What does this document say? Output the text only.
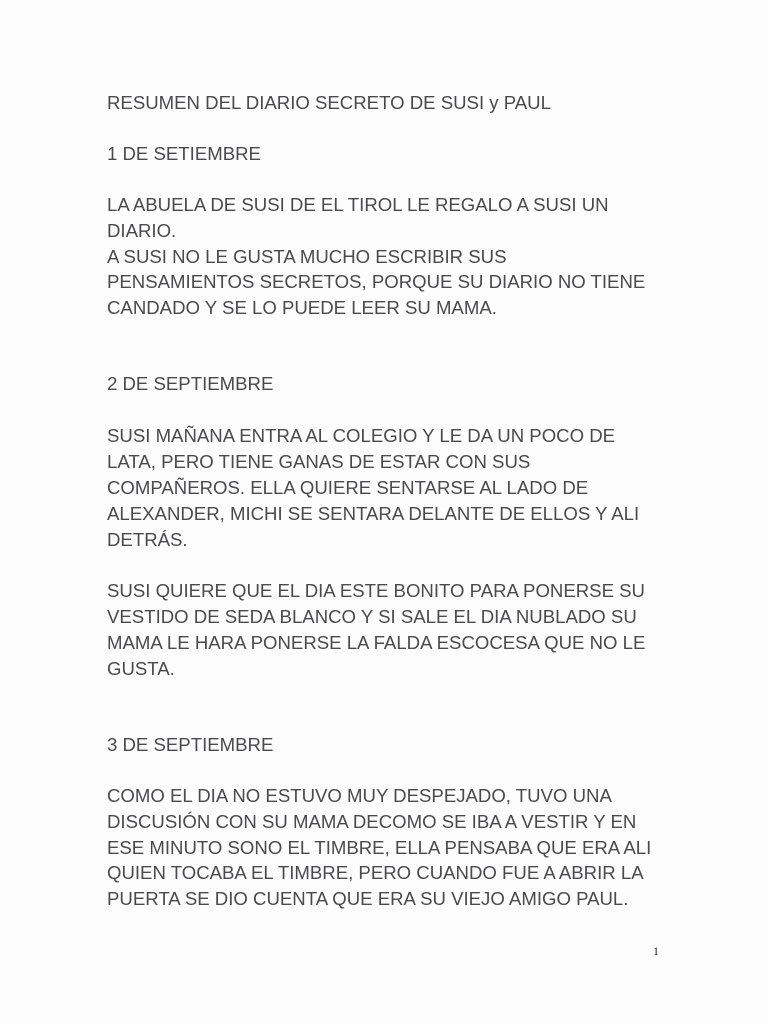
RESUMEN DEL DIARIO SECRETO DE SUSI y PAUL
1 DE SETIEMBRE
LA ABUELA DE SUSI DE EL TIROL LE REGALO A SUSI UN
DIARIO.
A SUSI NO LE GUSTA MUCHO ESCRIBIR SUS
PENSAMIENTOS SECRETOS, PORQUE SU DIARIO NO TIENE
CANDADO Y SE LO PUEDE LEER SU MAMA.
2 DE SEPTIEMBRE
SUSI MAÑANA ENTRA AL COLEGIO Y LE DA UN POCO DE
LATA, PERO TIENE GANAS DE ESTAR CON SUS
COMPAÑEROS. ELLA QUIERE SENTARSE AL LADO DE
ALEXANDER, MICHI SE SENTARA DELANTE DE ELLOS Y ALI
DETRÁS.
SUSI QUIERE QUE EL DIA ESTE BONITO PARA PONERSE SU
VESTIDO DE SEDA BLANCO Y SI SALE EL DIA NUBLADO SU
MAMA LE HARA PONERSE LA FALDA ESCOCESA QUE NO LE
GUSTA.
3 DE SEPTIEMBRE
COMO EL DIA NO ESTUVO MUY DESPEJADO, TUVO UNA
DISCUSIÓN CON SU MAMA DECOMO SE IBA A VESTIR Y EN
ESE MINUTO SONO EL TIMBRE, ELLA PENSABA QUE ERA ALI
QUIEN TOCABA EL TIMBRE, PERO CUANDO FUE A ABRIR LA
PUERTA SE DIO CUENTA QUE ERA SU VIEJO AMIGO PAUL.
1
